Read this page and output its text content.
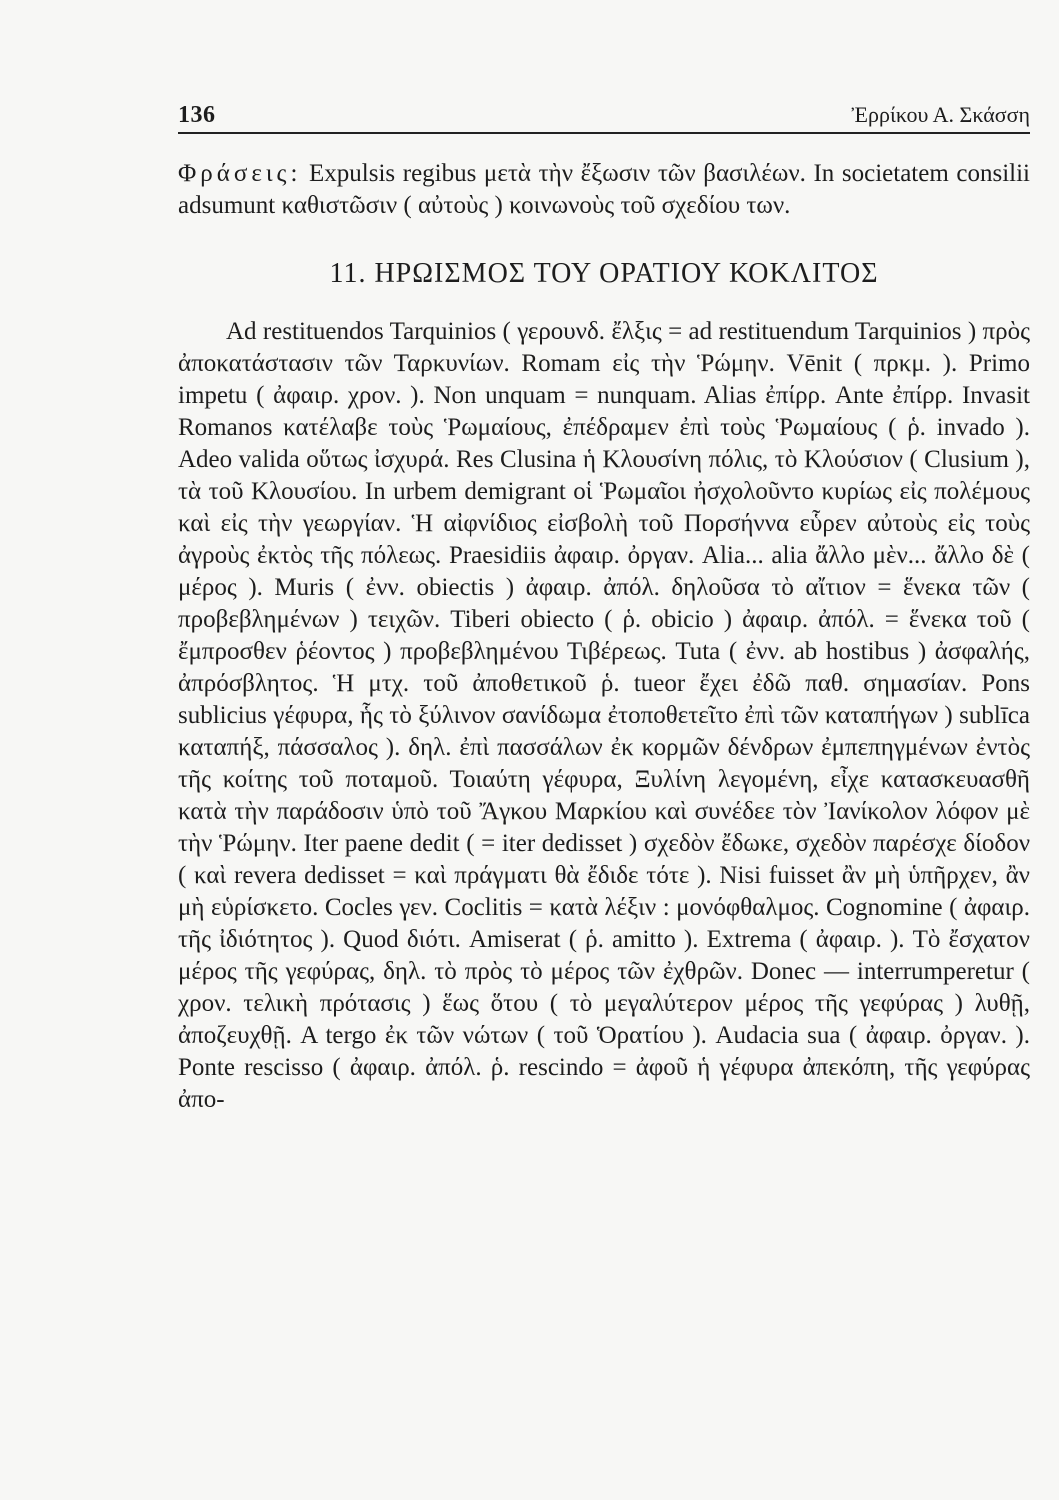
136	Ἐρρίκου Α. Σκάσση

Φράσεις: Expulsis regibus μετὰ τὴν ἔξωσιν τῶν βασιλέων. In societatem consilii adsumunt καθιστῶσιν ( αὐτοὺς ) κοινωνοὺς τοῦ σχεδίου των.

11. ΗΡΩΙΣΜΟΣ ΤΟΥ ΟΡΑΤΙΟΥ ΚΟΚΛΙΤΟΣ

Ad restituendos Tarquinios ( γερουνδ. ἔλξις = ad restituendum Tarquinios ) πρὸς ἀποκατάστασιν τῶν Ταρκυνίων. Romam εἰς τὴν Ῥώμην. Vēnit ( πρκμ. ). Primo impetu ( ἀφαιρ. χρον. ). Non unquam = nunquam. Alias ἐπίρρ. Ante ἐπίρρ. Invasit Romanos κατέλαβε τοὺς Ῥωμαίους, ἐπέδραμεν ἐπὶ τοὺς Ῥωμαίους ( ῥ. invado ). Adeo valida οὕτως ἰσχυρά. Res Clusina ἡ Κλουσίνη πόλις, τὸ Κλούσιον ( Clusium ), τὰ τοῦ Κλουσίου. In urbem demigrant οἱ Ῥωμαῖοι ἠσχολοῦντο κυρίως εἰς πολέμους καὶ εἰς τὴν γεωργίαν. Ἡ αἰφνίδιος εἰσβολὴ τοῦ Πορσήννα εὗρεν αὐτοὺς εἰς τοὺς ἀγροὺς ἐκτὸς τῆς πόλεως. Praesidiis ἀφαιρ. ὀργαν. Alia... alia ἄλλο μὲν... ἄλλο δὲ ( μέρος ). Muris ( ἐνν. obiectis ) ἀφαιρ. ἀπόλ. δηλοῦσα τὸ αἴτιον = ἕνεκα τῶν ( προβεβλημένων ) τειχῶν. Tiberi obiecto ( ῥ. obicio ) ἀφαιρ. ἀπόλ. = ἕνεκα τοῦ ( ἔμπροσθεν ῥέοντος ) προβεβλημένου Τιβέρεως. Tuta ( ἐνν. ab hostibus ) ἀσφαλής, ἀπρόσβλητος. Ἡ μτχ. τοῦ ἀποθετικοῦ ῥ. tueor ἔχει ἐδῶ παθ. σημασίαν. Pons sublicius γέφυρα, ἧς τὸ ξύλινον σανίδωμα ἐτοποθετεῖτο ἐπὶ τῶν καταπήγων ) sublīca καταπήξ, πάσσαλος ). δηλ. ἐπὶ πασσάλων ἐκ κορμῶν δένδρων ἐμπεπηγμένων ἐντὸς τῆς κοίτης τοῦ ποταμοῦ. Τοιαύτη γέφυρα, Ξυλίνη λεγομένη, εἶχε κατασκευασθῆ κατὰ τὴν παράδοσιν ὑπὸ τοῦ Ἄγκου Μαρκίου καὶ συνέδεε τὸν Ἰανίκολον λόφον μὲ τὴν Ῥώμην. Iter paene dedit ( = iter dedisset ) σχεδὸν ἔδωκε, σχεδὸν παρέσχε δίοδον ( καὶ revera dedisset = καὶ πράγματι θὰ ἔδιδε τότε ). Nisi fuisset ἂν μὴ ὑπῆρχεν, ἂν μὴ εὑρίσκετο. Cocles γεν. Coclitis = κατὰ λέξιν : μονόφθαλμος. Cognomine ( ἀφαιρ. τῆς ἰδιότητος ). Quod διότι. Amiserat ( ῥ. amitto ). Extrema ( ἀφαιρ. ). Τὸ ἔσχατον μέρος τῆς γεφύρας, δηλ. τὸ πρὸς τὸ μέρος τῶν ἐχθρῶν. Donec — interrumperetur ( χρον. τελικὴ πρότασις ) ἕως ὅτου ( τὸ μεγαλύτερον μέρος τῆς γεφύρας ) λυθῇ, ἀποζευχθῇ. A tergo ἐκ τῶν νώτων ( τοῦ Ὁρατίου ). Audacia sua ( ἀφαιρ. ὀργαν. ). Ponte rescisso ( ἀφαιρ. ἀπόλ. ῥ. rescindo = ἀφοῦ ἡ γέφυρα ἀπεκόπη, τῆς γεφύρας ἀπο-
